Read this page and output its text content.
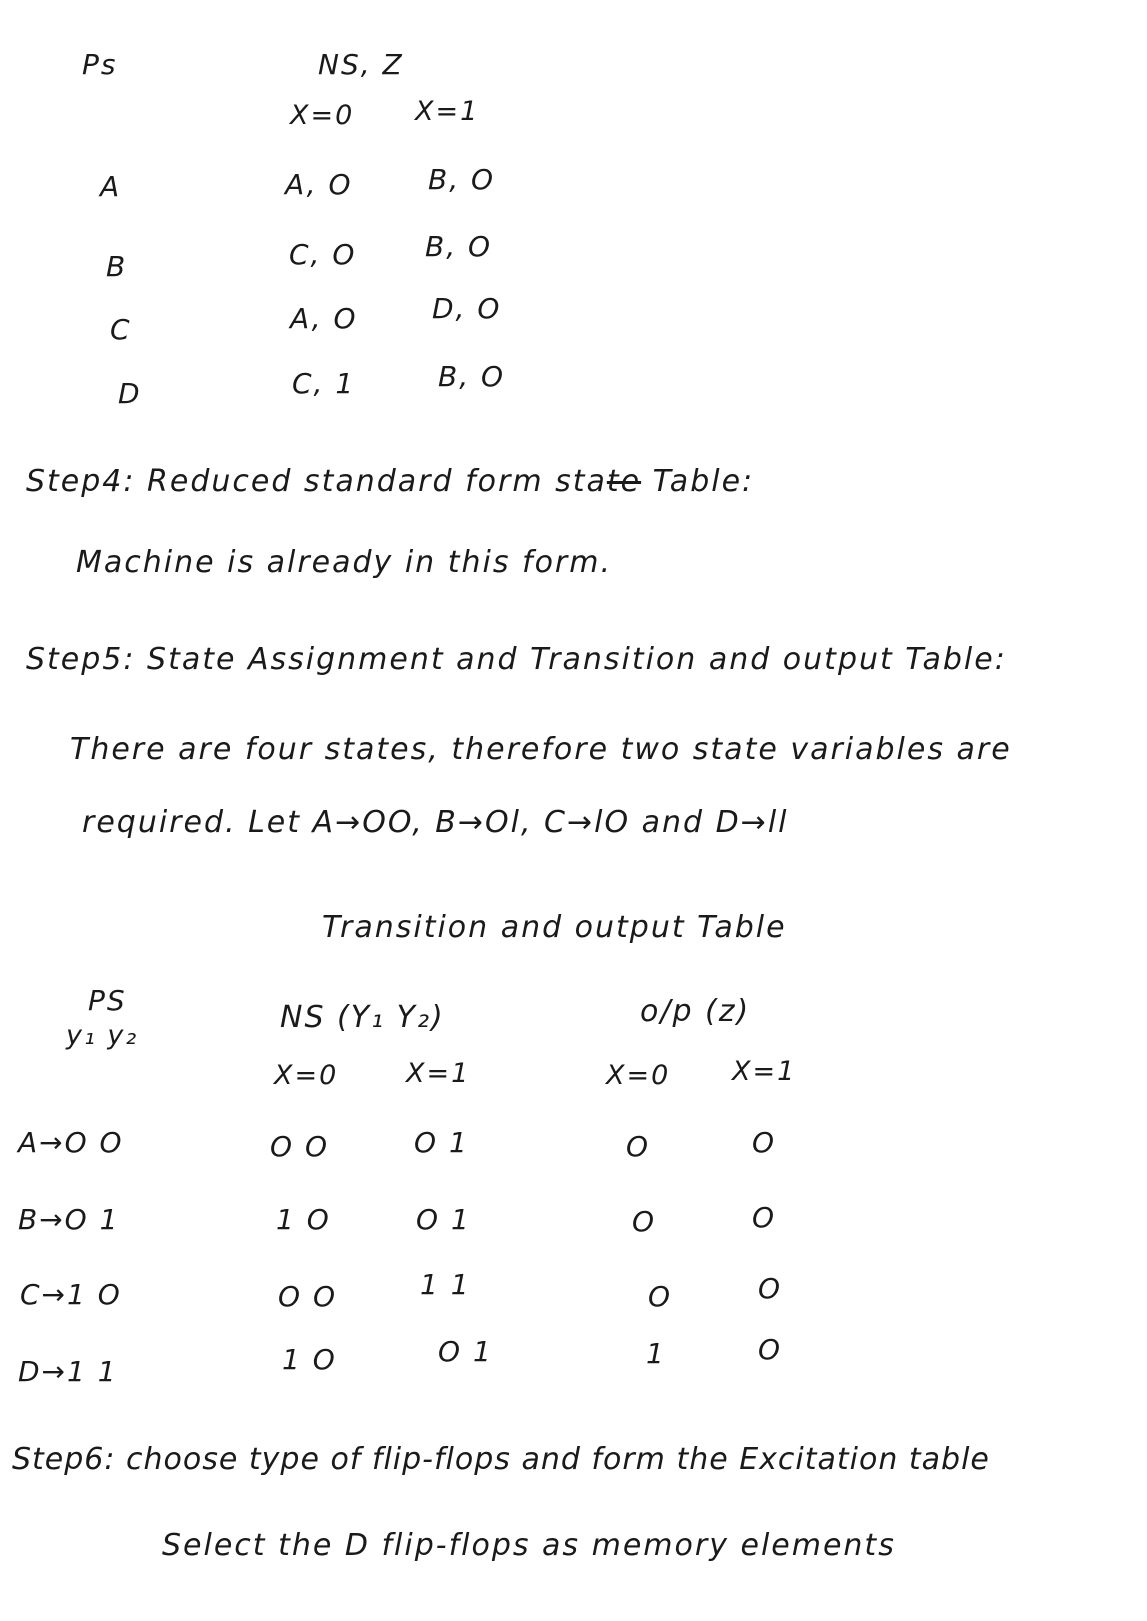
Ps	NS, Z
X=0 X=1
A	A, O	B, O
B	C, O B, O
C	A, O	D, O
D	C, 1	B, O
Step4: Reduced standard form state Table:
Machine is already in this form.
Step5: State Assignment and Transition and output Table:
There are four states, therefore two state variables are
required. Let A→OO, B→Ol, C→lO and D→ll
Transition and output Table
PS
y₁ y₂
NS (Y₁ Y₂)	o/p (z)
X=0	X=1	X=0 X=1
A→O O	O O	O 1	O	O
B→O 1	1 O	O 1	O	O
C→1 O	O O	1 1	O	O
D→1 1	1 O	O 1	1	O
Step6: choose type of flip-flops and form the Excitation table
Select the D flip-flops as memory elements
